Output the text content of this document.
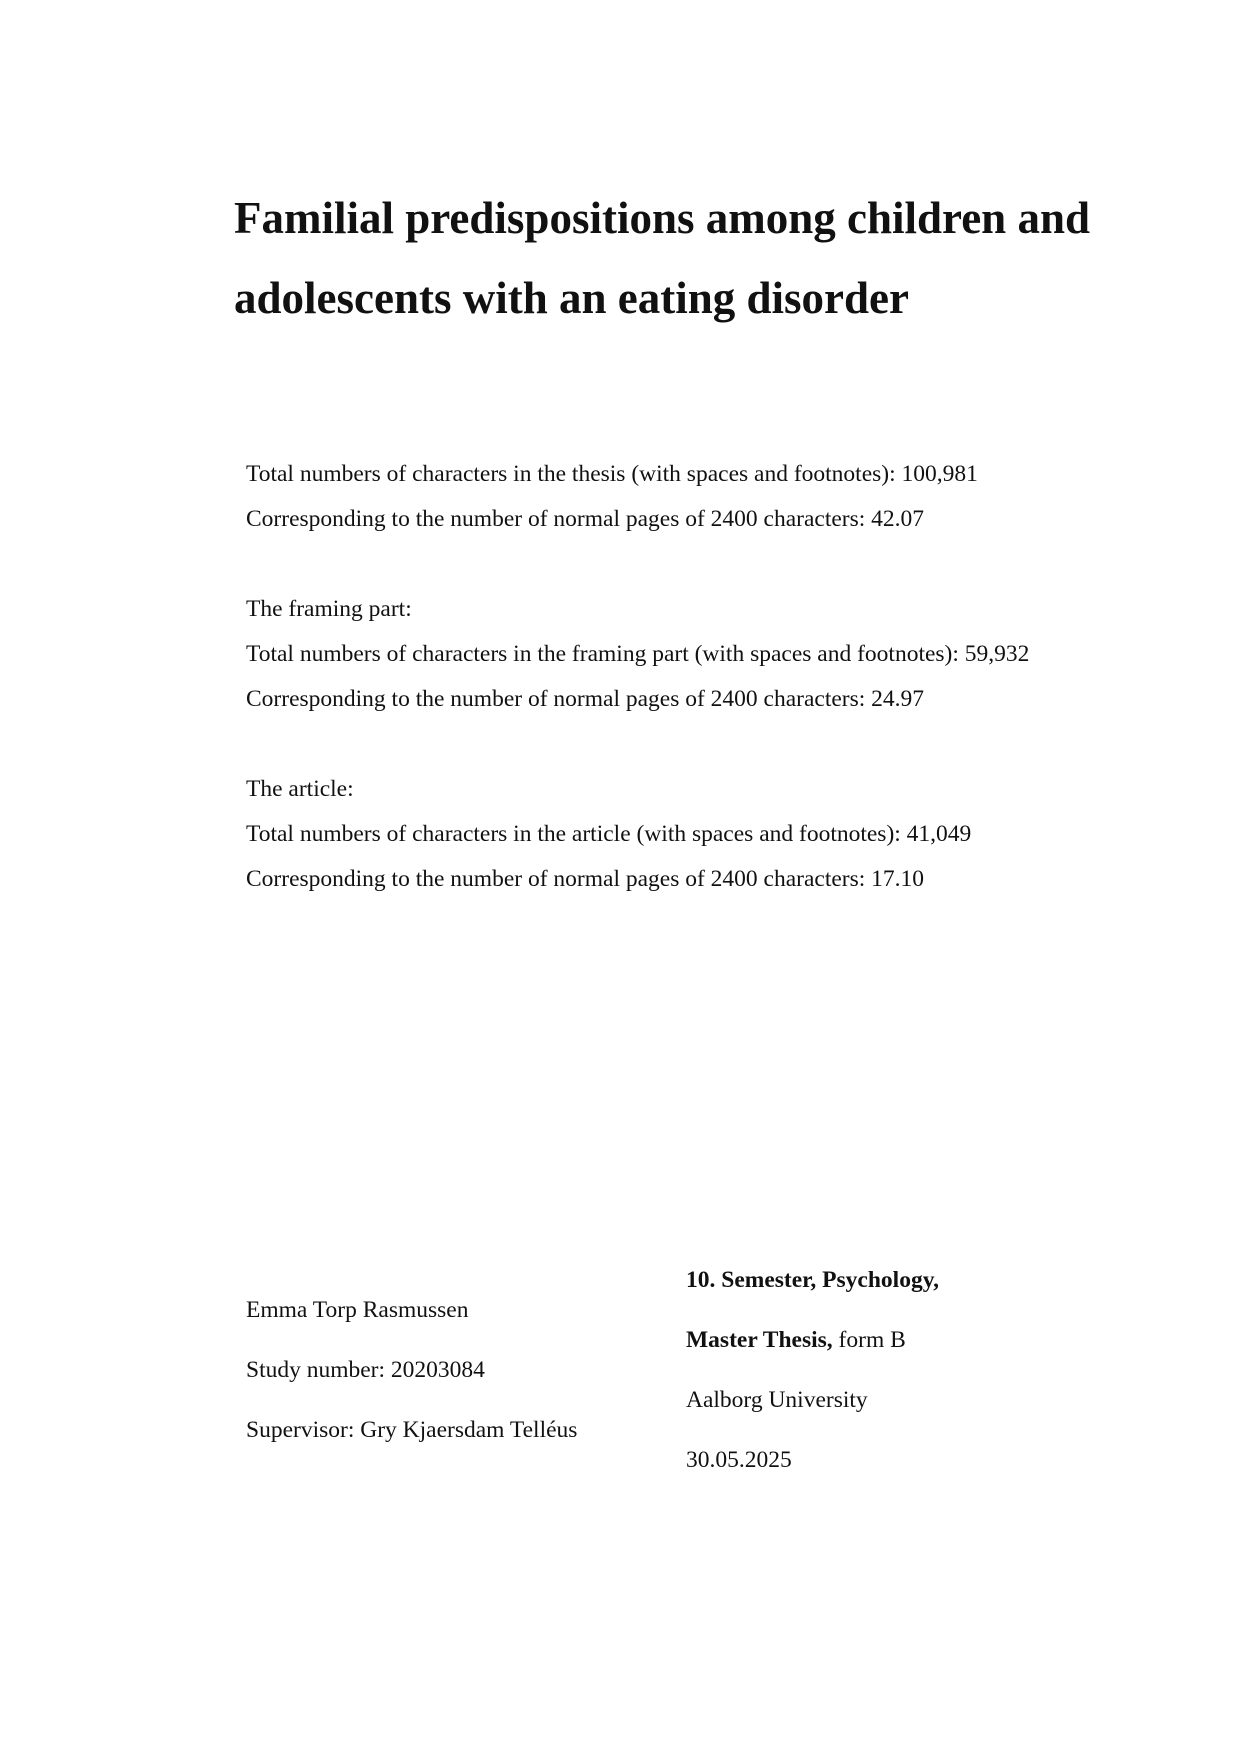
Familial predispositions among children and
adolescents with an eating disorder
Total numbers of characters in the thesis (with spaces and footnotes): 100,981
Corresponding to the number of normal pages of 2400 characters: 42.07
The framing part:
Total numbers of characters in the framing part (with spaces and footnotes): 59,932
Corresponding to the number of normal pages of 2400 characters: 24.97
The article:
Total numbers of characters in the article (with spaces and footnotes): 41,049
Corresponding to the number of normal pages of 2400 characters: 17.10
Emma Torp Rasmussen
Study number: 20203084
Supervisor: Gry Kjaersdam Telléus
10. Semester, Psychology,
Master Thesis, form B
Aalborg University
30.05.2025
